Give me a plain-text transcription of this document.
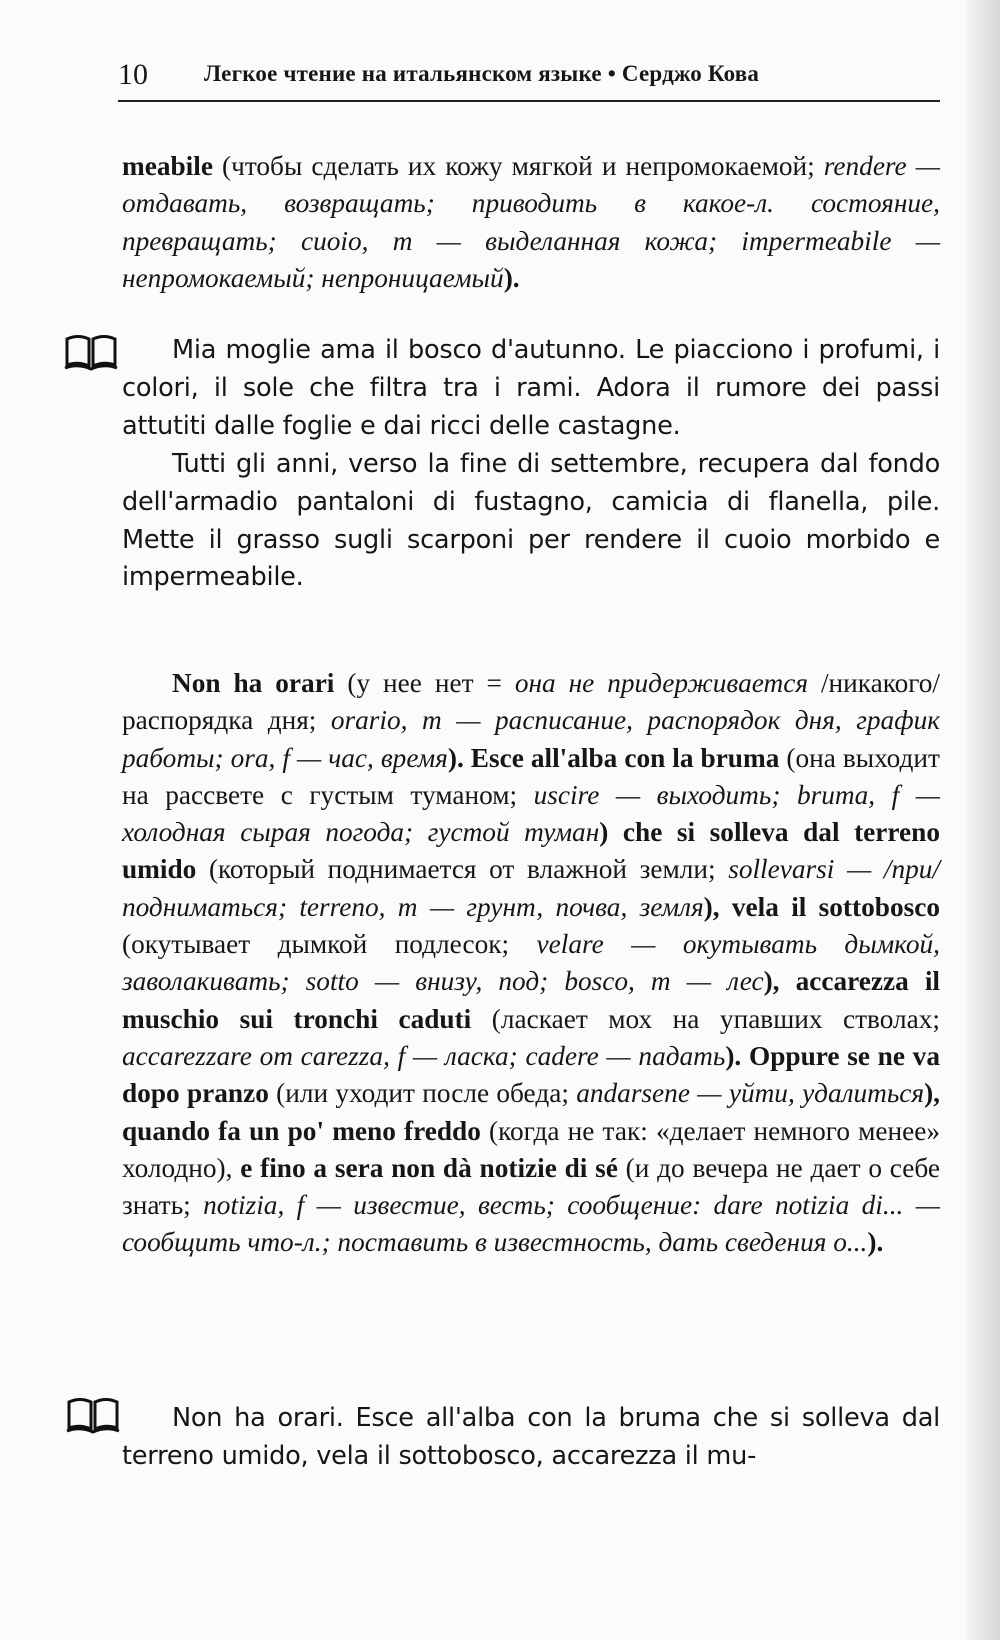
10 Легкое чтение на итальянском языке • Серджо Кова

meabile (чтобы сделать их кожу мягкой и непромокаемой; rendere — отдавать, возвращать; приводить в какое-л. состояние, превращать; cuoio, m — выделанная кожа; impermeabile — непромокаемый; непроницаемый).

Mia moglie ama il bosco d'autunno. Le piacciono i profumi, i colori, il sole che filtra tra i rami. Adora il rumore dei passi attutiti dalle foglie e dai ricci delle castagne.

Tutti gli anni, verso la fine di settembre, recupera dal fondo dell'armadio pantaloni di fustagno, camicia di flanella, pile. Mette il grasso sugli scarponi per rendere il cuoio morbido e impermeabile.

Non ha orari (у нее нет = она не придерживается /никакого/ распорядка дня; orario, m — расписание, распорядок дня, график работы; ora, f — час, время). Esce all'alba con la bruma (она выходит на рассвете с густым туманом; uscire — выходить; bruma, f — холодная сырая погода; густой туман) che si solleva dal terreno umido (который поднимается от влажной земли; sollevarsi — /при/подниматься; terreno, m — грунт, почва, земля), vela il sottobosco (окутывает дымкой подлесок; velare — окутывать дымкой, заволакивать; sotto — внизу, под; bosco, m — лес), accarezza il muschio sui tronchi caduti (ласкает мох на упавших стволах; accarezzare от carezza, f — ласка; cadere — падать). Oppure se ne va dopo pranzo (или уходит после обеда; andarsene — уйти, удалиться), quando fa un po' meno freddo (когда не так: «делает немного менее» холодно), e fino a sera non dà notizie di sé (и до вечера не дает о себе знать; notizia, f — известие, весть; сообщение: dare notizia di... — сообщить что-л.; поставить в известность, дать сведения о...).

Non ha orari. Esce all'alba con la bruma che si solleva dal terreno umido, vela il sottobosco, accarezza il mu-
